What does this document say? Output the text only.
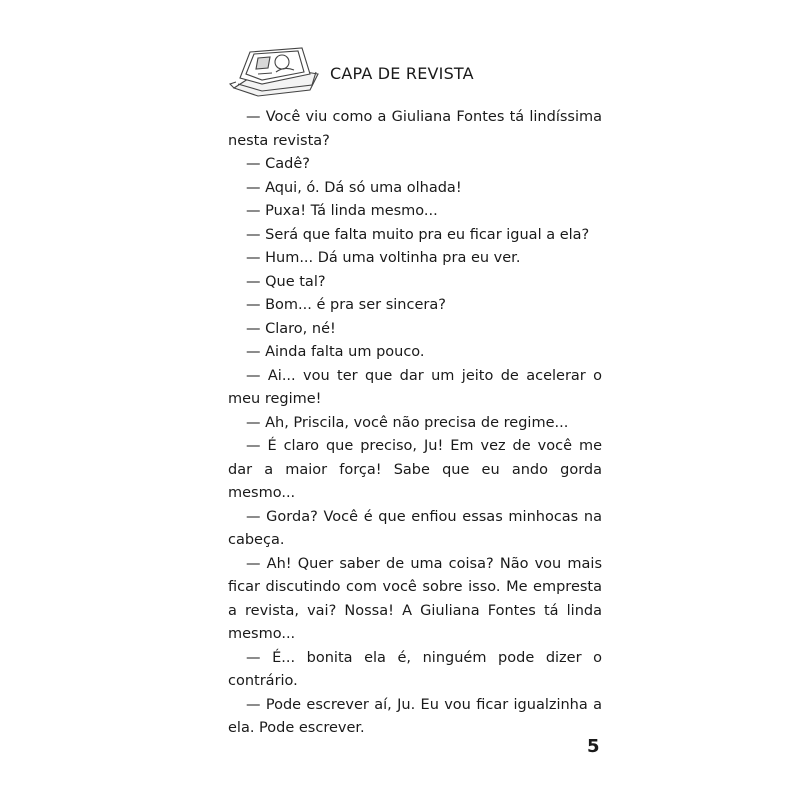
CAPA DE REVISTA

— Você viu como a Giuliana Fontes tá lindíssima nesta revista?

— Cadê?

— Aqui, ó. Dá só uma olhada!

— Puxa! Tá linda mesmo...

— Será que falta muito pra eu ficar igual a ela?

— Hum... Dá uma voltinha pra eu ver.

— Que tal?

— Bom... é pra ser sincera?

— Claro, né!

— Ainda falta um pouco.

— Ai... vou ter que dar um jeito de acelerar o meu regime!

— Ah, Priscila, você não precisa de regime...

— É claro que preciso, Ju! Em vez de você me dar a maior força! Sabe que eu ando gorda mesmo...

— Gorda? Você é que enfiou essas minhocas na cabeça.

— Ah! Quer saber de uma coisa? Não vou mais ficar discutindo com você sobre isso. Me empresta a revista, vai? Nossa! A Giuliana Fontes tá linda mesmo...

— É... bonita ela é, ninguém pode dizer o contrário.

— Pode escrever aí, Ju. Eu vou ficar igualzinha a ela. Pode escrever.

5
